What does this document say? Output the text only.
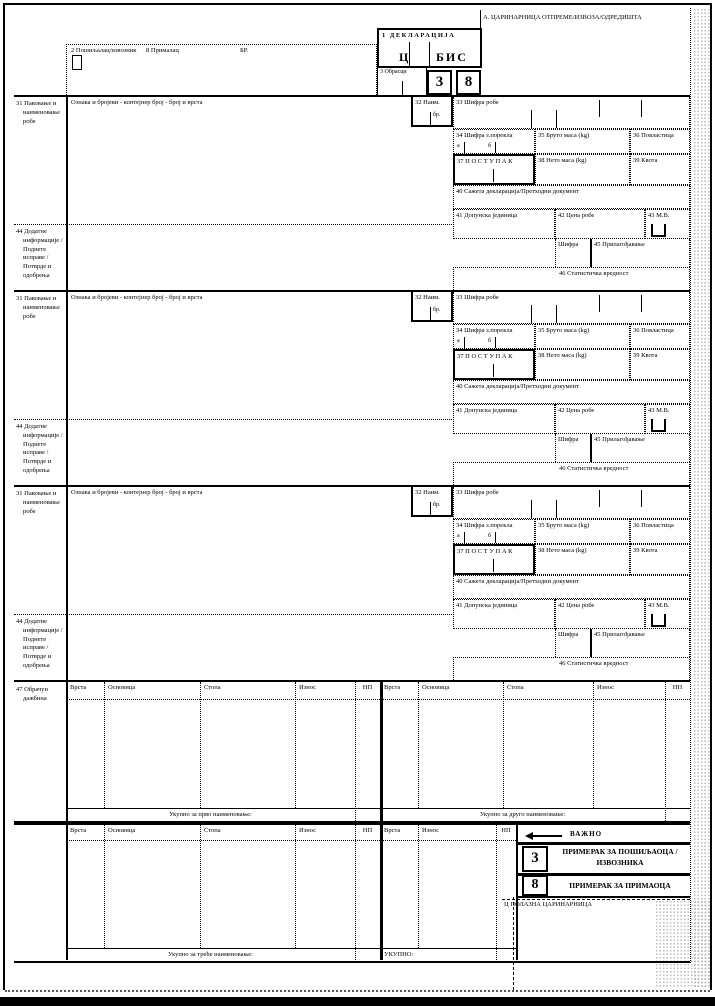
А. ЦАРИНАРНИЦА ОТПРЕМЕ/ИЗВОЗА/ОДРЕДИШТА
2 Пошиљалац/извозник 8 Прималац	БР.
1 ДЕКЛАРАЦИЈА
Ц БИС
3 Обрасци
3	8
47 Обрачун
дажбина
Врста	Основица	Стопа	Износ	НП	Врста	Основица	Стопа	Износ	НП
Укупно за прво наименовање:	Укупно за друго наименовање:
Врста	Основица	Стопа	Износ	НП	Врста	Износ	НП
Укупно за треће наименовање:	УКУПНО:
ВАЖНО
3	ПРИМЕРАК ЗА ПОШИЉАОЦА /
ИЗВОЗНИКА
8	ПРИМЕРАК ЗА ПРИМАОЦА
Ц ПОЛАЗНА ЦАРИНАРНИЦА
31 Паковање и
наименовање
робе
Ознака и бројеви - контејнер број - број и врста	32 Наим.
бр.
33 Шифра робе
34 Шифра з.порекла
а	б
35 Бруто маса (kg)	36 Повластица
37 П О С Т У П А К	38 Нето маса (kg)	39 Квота
40 Сажета декларација/Претходни документ
41 Допунска јединица	42 Цена робе	43 М.В.
Шифра 45 Прилагођавање
46 Статистичка вредност
44 Додатне
информације /
Поднете
исправе /
Потврде и
одобрења
31 Паковање и
наименовање
робе
Ознака и бројеви - контејнер број - број и врста	32 Наим.
бр.
33 Шифра робе
34 Шифра з.порекла
а	б
35 Бруто маса (kg)	36 Повластица
37 П О С Т У П А К	38 Нето маса (kg)	39 Квота
40 Сажета декларација/Претходни документ
41 Допунска јединица	42 Цена робе	43 М.В.
Шифра 45 Прилагођавање
46 Статистичка вредност
44 Додатне
информације /
Поднете
исправе /
Потврде и
одобрења
31 Паковање и
наименовање
робе
Ознака и бројеви - контејнер број - број и врста	32 Наим.
бр.
33 Шифра робе
34 Шифра з.порекла
а	б
35 Бруто маса (kg)	36 Повластица
37 П О С Т У П А К	38 Нето маса (kg)	39 Квота
40 Сажета декларација/Претходни документ
41 Допунска јединица	42 Цена робе	43 М.В.
Шифра 45 Прилагођавање
46 Статистичка вредност
44 Додатне
информације /
Поднете
исправе /
Потврде и
одобрења
